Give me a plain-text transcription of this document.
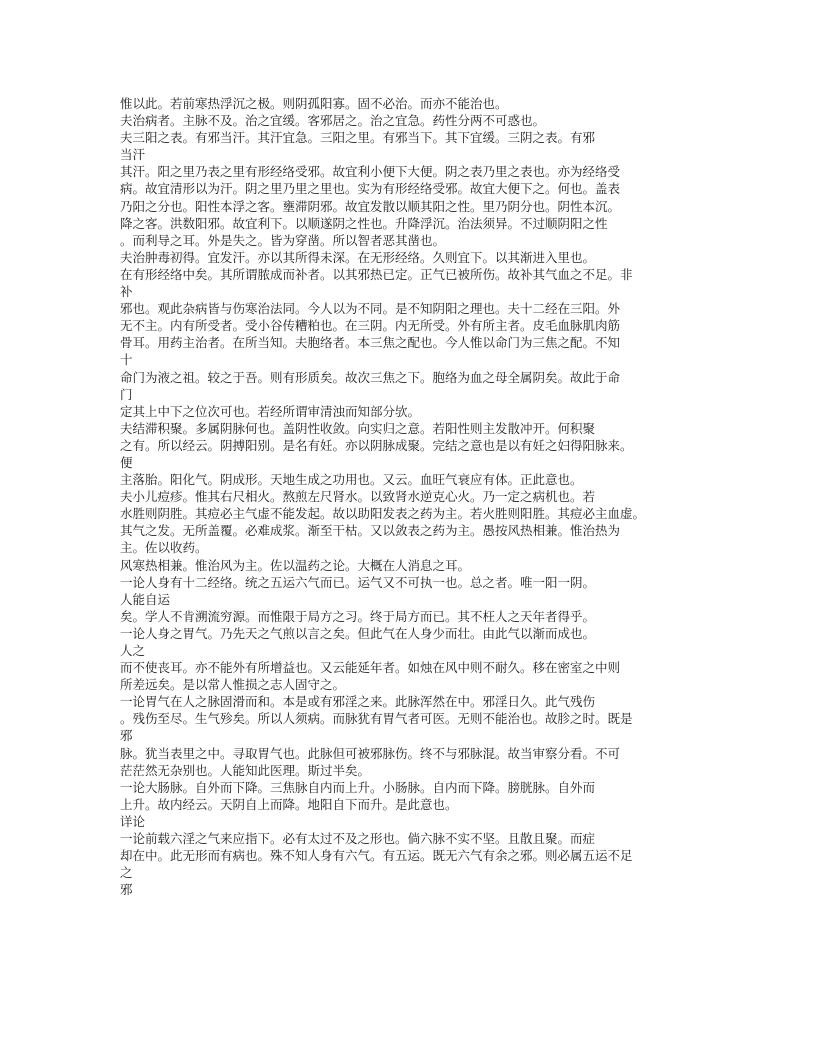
惟以此。若前寒热浮沉之极。则阴孤阳寡。固不必治。而亦不能治也。
夫治病者。主脉不及。治之宜缓。客邪居之。治之宜急。药性分两不可惑也。
夫三阳之表。有邪当汗。其汗宜急。三阳之里。有邪当下。其下宜缓。三阴之表。有邪
当汗
其汗。阳之里乃表之里有形经络受邪。故宜利小便下大便。阴之表乃里之表也。亦为经络受
病。故宜清形以为汗。阴之里乃里之里也。实为有形经络受邪。故宜大便下之。何也。盖表
乃阳之分也。阳性本浮之客。壅滞阴邪。故宜发散以顺其阳之性。里乃阴分也。阴性本沉。
降之客。洪数阳邪。故宜利下。以顺遂阴之性也。升降浮沉。治法须异。不过顺阴阳之性
。而利导之耳。外是失之。皆为穿凿。所以智者恶其凿也。
夫治肿毒初得。宜发汗。亦以其所得未深。在无形经络。久则宜下。以其渐进入里也。
在有形经络中矣。其所谓脓成而补者。以其邪热已定。正气已被所伤。故补其气血之不足。非
补
邪也。观此杂病皆与伤寒治法同。今人以为不同。是不知阴阳之理也。夫十二经在三阳。外
无不主。内有所受者。受小谷传糟粕也。在三阴。内无所受。外有所主者。皮毛血脉肌肉筋
骨耳。用药主治者。在所当知。夫胞络者。本三焦之配也。今人惟以命门为三焦之配。不知
十
命门为液之祖。较之于吾。则有形质矣。故次三焦之下。胞络为血之母全属阴矣。故此于命
门
定其上中下之位次可也。若经所谓审清浊而知部分欤。
夫结滞积聚。多属阴脉何也。盖阴性收敛。向实归之意。若阳性则主发散冲开。何积聚
之有。所以经云。阴搏阳别。是名有妊。亦以阴脉成聚。完结之意也是以有妊之妇得阳脉来。
便
主落胎。阳化气。阴成形。天地生成之功用也。又云。血旺气衰应有体。正此意也。
夫小儿痘疹。惟其右尺相火。熬煎左尺肾水。以致肾水逆克心火。乃一定之病机也。若
水胜则阴胜。其痘必主气虚不能发起。故以助阳发表之药为主。若火胜则阳胜。其痘必主血虚。
其气之发。无所盖覆。必难成浆。渐至干枯。又以敛表之药为主。愚按风热相兼。惟治热为
主。佐以收药。
风寒热相兼。惟治风为主。佐以温药之论。大概在人消息之耳。
一论人身有十二经络。统之五运六气而已。运气又不可执一也。总之者。唯一阳一阴。
人能自运
矣。学人不肯溯流穷源。而惟限于局方之习。终于局方而已。其不枉人之天年者得乎。
一论人身之胃气。乃先天之气煎以言之矣。但此气在人身少而壮。由此气以渐而成也。
人之
而不使丧耳。亦不能外有所增益也。又云能延年者。如烛在风中则不耐久。移在密室之中则
所差远矣。是以常人惟损之志人固守之。
一论胃气在人之脉固滑而和。本是或有邪淫之来。此脉浑然在中。邪淫日久。此气残伤
。残伤至尽。生气殄矣。所以人须病。而脉犹有胃气者可医。无则不能治也。故胗之时。既是
邪
脉。犹当表里之中。寻取胃气也。此脉但可被邪脉伤。终不与邪脉混。故当审察分看。不可
茫茫然无杂别也。人能知此医理。斯过半矣。
一论大肠脉。自外而下降。三焦脉自内而上升。小肠脉。自内而下降。膀胱脉。自外而
上升。故内经云。天阴自上而降。地阳自下而升。是此意也。
详论
一论前载六淫之气来应指下。必有太过不及之形也。倘六脉不实不坚。且散且聚。而症
却在中。此无形而有病也。殊不知人身有六气。有五运。既无六气有余之邪。则必属五运不足
之
邪
